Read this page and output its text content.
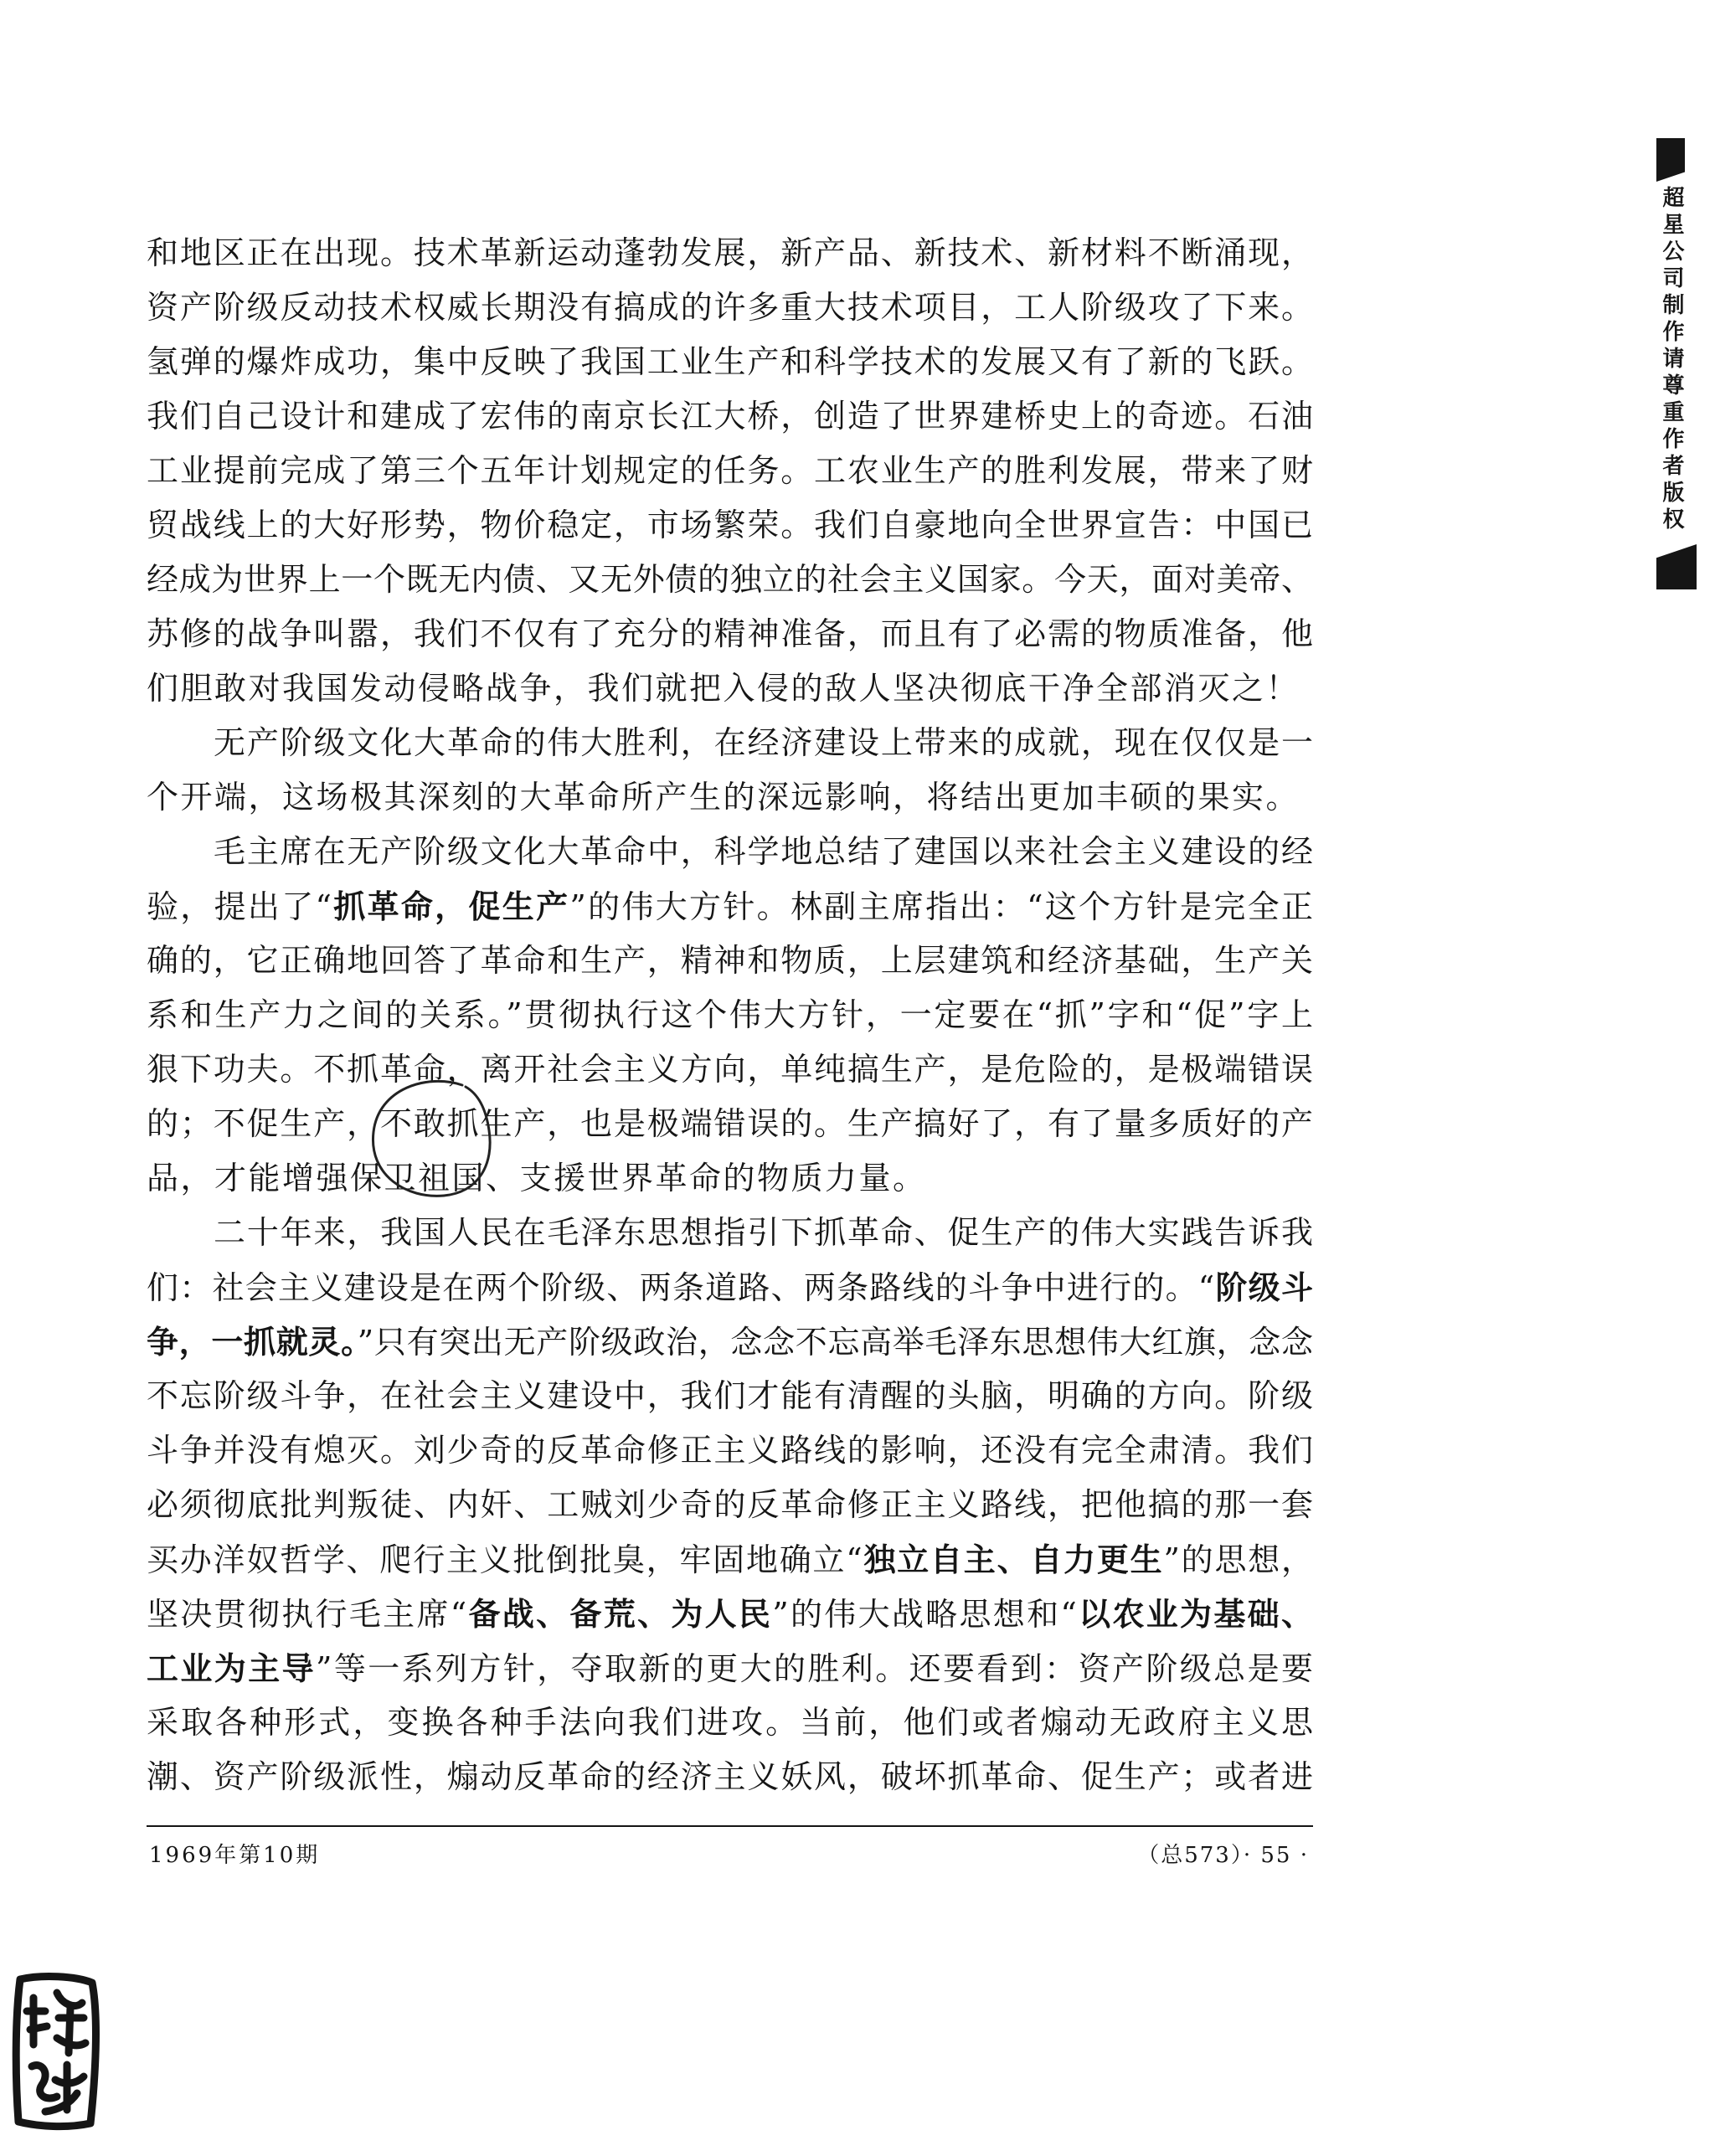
超星公司制作请尊重作者版权
和地区正在出现。技术革新运动蓬勃发展，新产品、新技术、新材料不断涌现，
资产阶级反动技术权威长期没有搞成的许多重大技术项目，工人阶级攻了下来。
氢弹的爆炸成功，集中反映了我国工业生产和科学技术的发展又有了新的飞跃。
我们自己设计和建成了宏伟的南京长江大桥，创造了世界建桥史上的奇迹。石油
工业提前完成了第三个五年计划规定的任务。工农业生产的胜利发展，带来了财
贸战线上的大好形势，物价稳定，市场繁荣。我们自豪地向全世界宣告：中国已
经成为世界上一个既无内债、又无外债的独立的社会主义国家。今天，面对美帝、
苏修的战争叫嚣，我们不仅有了充分的精神准备，而且有了必需的物质准备，他
们胆敢对我国发动侵略战争，我们就把入侵的敌人坚决彻底干净全部消灭之！
无产阶级文化大革命的伟大胜利，在经济建设上带来的成就，现在仅仅是一
个开端，这场极其深刻的大革命所产生的深远影响，将结出更加丰硕的果实。
毛主席在无产阶级文化大革命中，科学地总结了建国以来社会主义建设的经
验，提出了“抓革命，促生产”的伟大方针。林副主席指出：“这个方针是完全正
确的，它正确地回答了革命和生产，精神和物质，上层建筑和经济基础，生产关
系和生产力之间的关系。”贯彻执行这个伟大方针，一定要在“抓”字和“促”字上
狠下功夫。不抓革命，离开社会主义方向，单纯搞生产，是危险的，是极端错误
的；不促生产，不敢抓生产，也是极端错误的。生产搞好了，有了量多质好的产
品，才能增强保卫祖国、支援世界革命的物质力量。
二十年来，我国人民在毛泽东思想指引下抓革命、促生产的伟大实践告诉我
们：社会主义建设是在两个阶级、两条道路、两条路线的斗争中进行的。“阶级斗
争，一抓就灵。”只有突出无产阶级政治，念念不忘高举毛泽东思想伟大红旗，念念
不忘阶级斗争，在社会主义建设中，我们才能有清醒的头脑，明确的方向。阶级
斗争并没有熄灭。刘少奇的反革命修正主义路线的影响，还没有完全肃清。我们
必须彻底批判叛徒、内奸、工贼刘少奇的反革命修正主义路线，把他搞的那一套
买办洋奴哲学、爬行主义批倒批臭，牢固地确立“独立自主、自力更生”的思想，
坚决贯彻执行毛主席“备战、备荒、为人民”的伟大战略思想和“以农业为基础、
工业为主导”等一系列方针，夺取新的更大的胜利。还要看到：资产阶级总是要
采取各种形式，变换各种手法向我们进攻。当前，他们或者煽动无政府主义思
潮、资产阶级派性，煽动反革命的经济主义妖风，破坏抓革命、促生产；或者进
1969年第10期	（总573）· 55 ·
